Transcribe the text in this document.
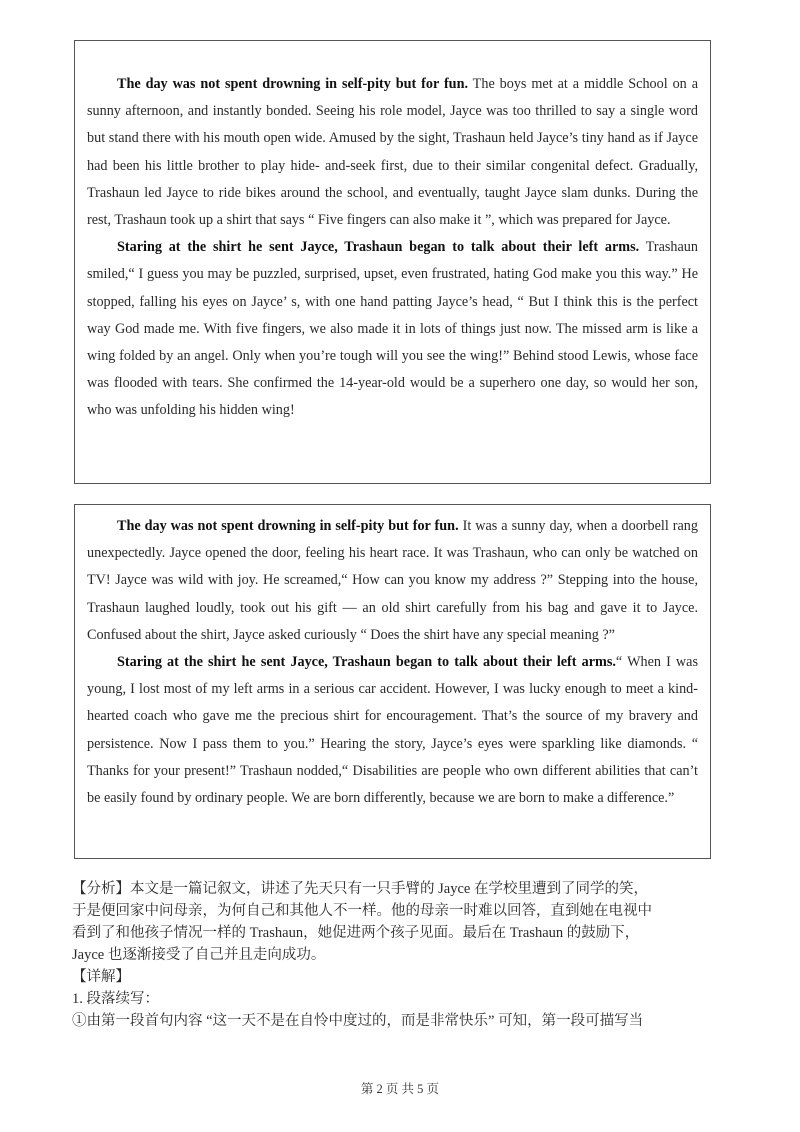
The day was not spent drowning in self-pity but for fun. The boys met at a middle School on a sunny afternoon, and instantly bonded. Seeing his role model, Jayce was too thrilled to say a single word but stand there with his mouth open wide. Amused by the sight, Trashaun held Jayce’s tiny hand as if Jayce had been his little brother to play hide- and-seek first, due to their similar congenital defect. Gradually, Trashaun led Jayce to ride bikes around the school, and eventually, taught Jayce slam dunks. During the rest, Trashaun took up a shirt that says “ Five fingers can also make it ”, which was prepared for Jayce.

Staring at the shirt he sent Jayce, Trashaun began to talk about their left arms. Trashaun smiled,“ I guess you may be puzzled, surprised, upset, even frustrated, hating God make you this way.” He stopped, falling his eyes on Jayce’ s, with one hand patting Jayce’s head, “ But I think this is the perfect way God made me. With five fingers, we also made it in lots of things just now. The missed arm is like a wing folded by an angel. Only when you’re tough will you see the wing!” Behind stood Lewis, whose face was flooded with tears. She confirmed the 14-year-old would be a superhero one day, so would her son, who was unfolding his hidden wing!

The day was not spent drowning in self-pity but for fun. It was a sunny day, when a doorbell rang unexpectedly. Jayce opened the door, feeling his heart race. It was Trashaun, who can only be watched on TV! Jayce was wild with joy. He screamed,“ How can you know my address ?” Stepping into the house, Trashaun laughed loudly, took out his gift — an old shirt carefully from his bag and gave it to Jayce. Confused about the shirt, Jayce asked curiously “ Does the shirt have any special meaning ?”

Staring at the shirt he sent Jayce, Trashaun began to talk about their left arms.“ When I was young, I lost most of my left arms in a serious car accident. However, I was lucky enough to meet a kind-hearted coach who gave me the precious shirt for encouragement. That’s the source of my bravery and persistence. Now I pass them to you.” Hearing the story, Jayce’s eyes were sparkling like diamonds. “ Thanks for your present!” Trashaun nodded,“ Disabilities are people who own different abilities that can’t be easily found by ordinary people. We are born differently, because we are born to make a difference.”

【分析】本文是一篇记叙文，讲述了先天只有一只手臂的 Jayce 在学校里遭到了同学的笑，
于是便回家中问母亲，为何自己和其他人不一样。他的母亲一时难以回答，直到她在电视中
看到了和他孩子情况一样的 Trashaun，她促进两个孩子见面。最后在 Trashaun 的鼓励下，
Jayce 也逐渐接受了自己并且走向成功。
【详解】
1. 段落续写：
①由第一段首句内容 “这一天不是在自怜中度过的，而是非常快乐” 可知，第一段可描写当
第 2 页 共 5 页
